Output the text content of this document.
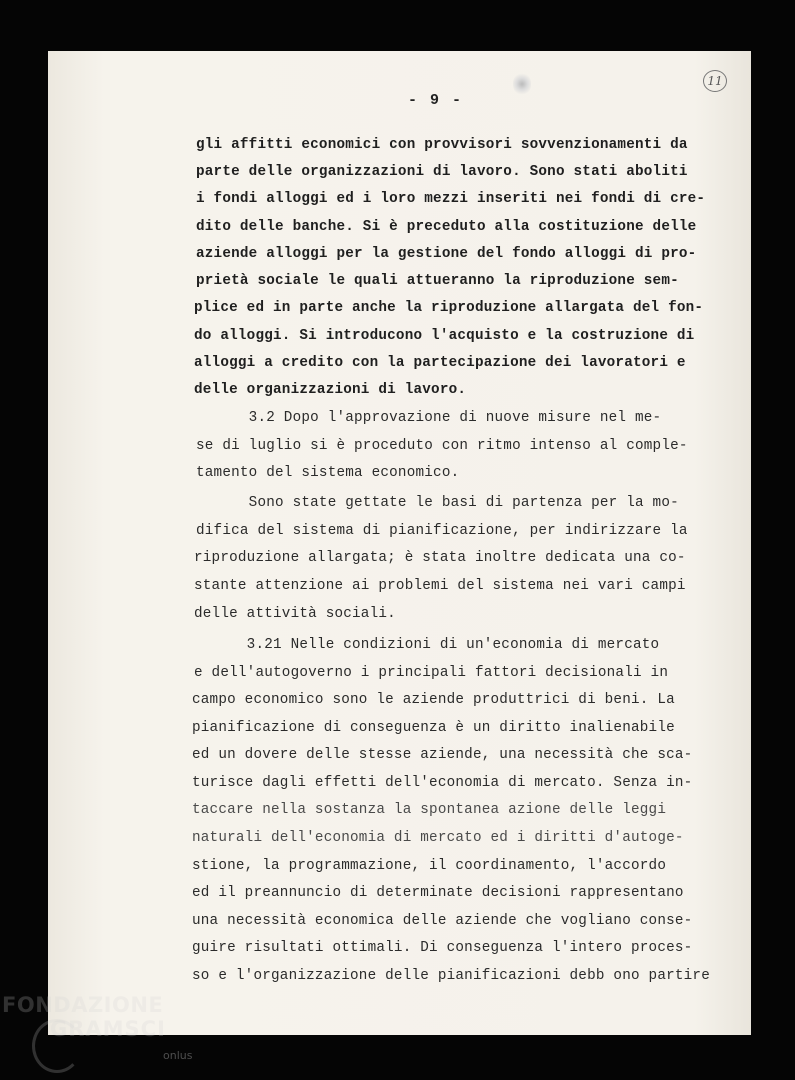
- 9 -
11
gli affitti economici con provvisori sovvenzionamenti da
parte delle organizzazioni di lavoro. Sono stati aboliti
i fondi alloggi ed i loro mezzi inseriti nei fondi di cre-
dito delle banche. Si è preceduto alla costituzione delle
aziende alloggi per la gestione del fondo alloggi di pro-
prietà sociale le quali attueranno la riproduzione sem-
plice ed in parte anche la riproduzione allargata del fon-
do alloggi. Si introducono l'acquisto e la costruzione di
alloggi a credito con la partecipazione dei lavoratori e
delle organizzazioni di lavoro.
3.2 Dopo l'approvazione di nuove misure nel me-
se di luglio si è proceduto con ritmo intenso al comple-
tamento del sistema economico.
Sono state gettate le basi di partenza per la mo-
difica del sistema di pianificazione, per indirizzare la
riproduzione allargata; è stata inoltre dedicata una co-
stante attenzione ai problemi del sistema nei vari campi
delle attività sociali.
3.21 Nelle condizioni di un'economia di mercato
e dell'autogoverno i principali fattori decisionali in
campo economico sono le aziende produttrici di beni. La
pianificazione di conseguenza è un diritto inalienabile
ed un dovere delle stesse aziende, una necessità che sca-
turisce dagli effetti dell'economia di mercato. Senza in-
taccare nella sostanza la spontanea azione delle leggi
naturali dell'economia di mercato ed i diritti d'autoge-
stione, la programmazione, il coordinamento, l'accordo
ed il preannuncio di determinate decisioni rappresentano
una necessità economica delle aziende che vogliano conse-
guire risultati ottimali. Di conseguenza l'intero proces-
so e l'organizzazione delle pianificazioni debb ono partire
FONDAZIONE
GRAMSCI
onlus
